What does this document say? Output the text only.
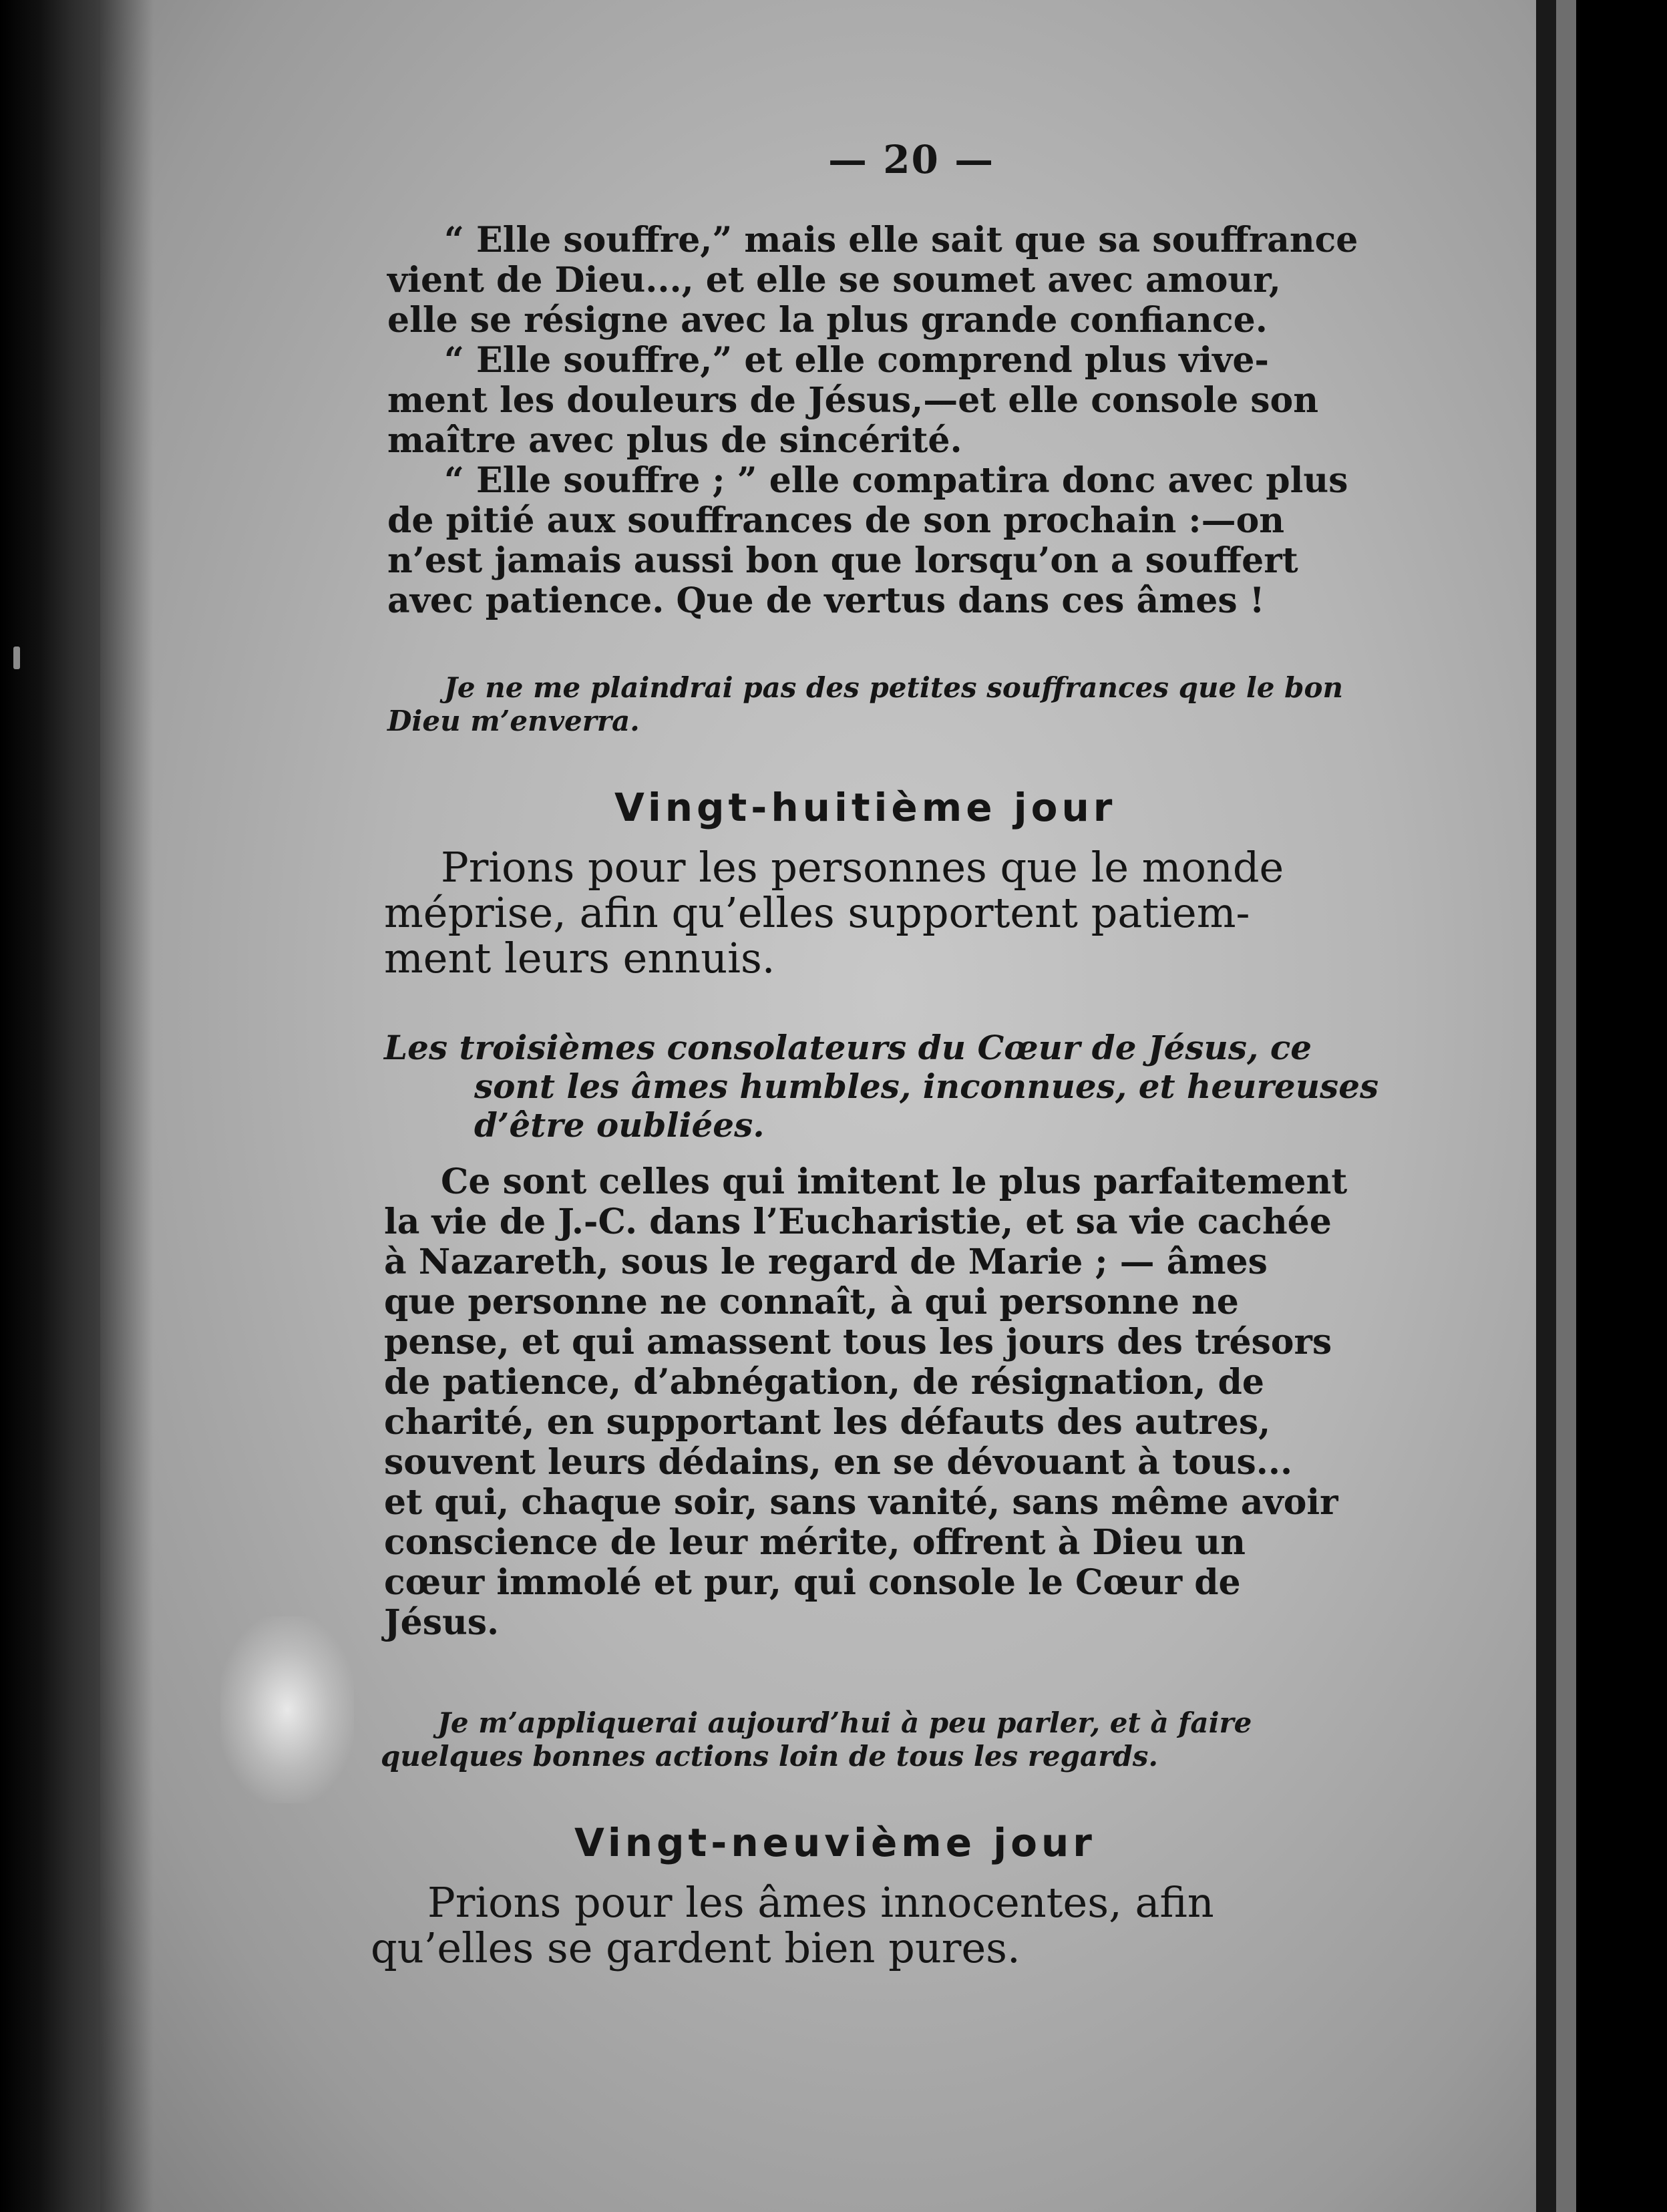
— 20 —
“ Elle souffre,” mais elle sait que sa souffrance
vient de Dieu..., et elle se soumet avec amour,
elle se résigne avec la plus grande confiance.
“ Elle souffre,” et elle comprend plus vive-
ment les douleurs de Jésus,—et elle console son
maître avec plus de sincérité.
“ Elle souffre ; ” elle compatira donc avec plus
de pitié aux souffrances de son prochain :—on
n’est jamais aussi bon que lorsqu’on a souffert
avec patience. Que de vertus dans ces âmes !
Je ne me plaindrai pas des petites souffrances que le bon
Dieu m’enverra.
Vingt-huitième jour
Prions pour les personnes que le monde
méprise, afin qu’elles supportent patiem-
ment leurs ennuis.
Les troisièmes consolateurs du Cœur de Jésus, ce
sont les âmes humbles, inconnues, et heureuses
d’être oubliées.
Ce sont celles qui imitent le plus parfaitement
la vie de J.-C. dans l’Eucharistie, et sa vie cachée
à Nazareth, sous le regard de Marie ; — âmes
que personne ne connaît, à qui personne ne
pense, et qui amassent tous les jours des trésors
de patience, d’abnégation, de résignation, de
charité, en supportant les défauts des autres,
souvent leurs dédains, en se dévouant à tous...
et qui, chaque soir, sans vanité, sans même avoir
conscience de leur mérite, offrent à Dieu un
cœur immolé et pur, qui console le Cœur de
Jésus.
Je m’appliquerai aujourd’hui à peu parler, et à faire
quelques bonnes actions loin de tous les regards.
Vingt-neuvième jour
Prions pour les âmes innocentes, afin
qu’elles se gardent bien pures.
